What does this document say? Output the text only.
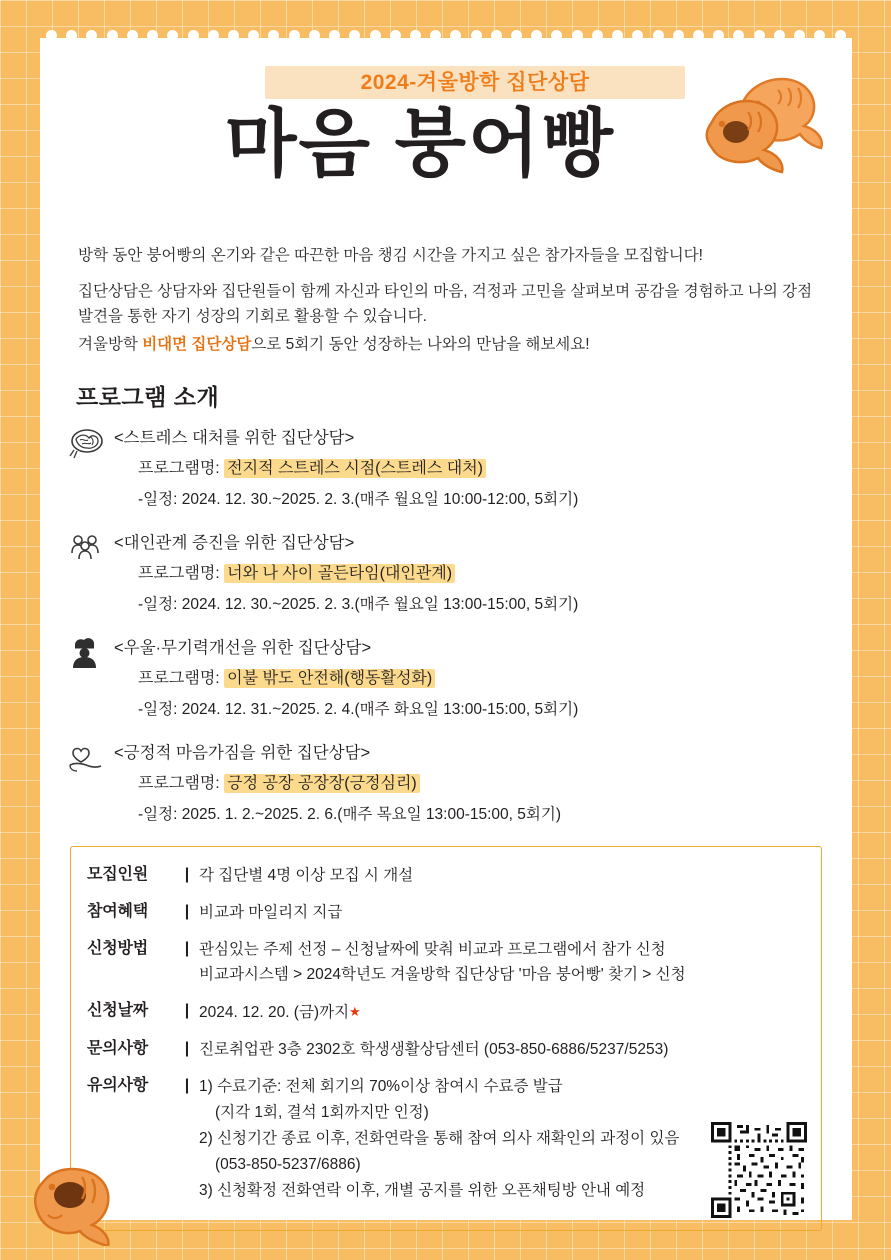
2024-겨울방학 집단상담
마음 붕어빵

방학 동안 붕어빵의 온기와 같은 따끈한 마음 챙김 시간을 가지고 싶은 참가자들을 모집합니다!

집단상담은 상담자와 집단원들이 함께 자신과 타인의 마음, 걱정과 고민을 살펴보며 공감을 경험하고 나의 강점 발견을 통한 자기 성장의 기회로 활용할 수 있습니다.

겨울방학 비대면 집단상담으로 5회기 동안 성장하는 나와의 만남을 해보세요!

프로그램 소개
<스트레스 대처를 위한 집단상담>
프로그램명: 전지적 스트레스 시점(스트레스 대처)
-일정: 2024. 12. 30.~2025. 2. 3.(매주 월요일 10:00-12:00, 5회기)
<대인관계 증진을 위한 집단상담>
프로그램명: 너와 나 사이 골든타임(대인관계)
-일정: 2024. 12. 30.~2025. 2. 3.(매주 월요일 13:00-15:00, 5회기)
<우울·무기력개선을 위한 집단상담>
프로그램명: 이불 밖도 안전해(행동활성화)
-일정: 2024. 12. 31.~2025. 2. 4.(매주 화요일 13:00-15:00, 5회기)
<긍정적 마음가짐을 위한 집단상담>
프로그램명: 긍정 공장 공장장(긍정심리)
-일정: 2025. 1. 2.~2025. 2. 6.(매주 목요일 13:00-15:00, 5회기)
모집인원 |	각 집단별 4명 이상 모집 시 개설
참여혜택 |	비교과 마일리지 지급
신청방법 |	관심있는 주제 선정 – 신청날짜에 맞춰 비교과 프로그램에서 참가 신청
비교과시스템 > 2024학년도 겨울방학 집단상담 '마음 붕어빵' 찾기 > 신청
신청날짜 |	2024. 12. 20. (금)까지★
문의사항 |	진로취업관 3층 2302호 학생생활상담센터 (053-850-6886/5237/5253)
유의사항 |	1) 수료기준: 전체 회기의 70%이상 참여시 수료증 발급
(지각 1회, 결석 1회까지만 인정)
2) 신청기간 종료 이후, 전화연락을 통해 참여 의사 재확인의 과정이 있음
(053-850-5237/6886)
3) 신청확정 전화연락 이후, 개별 공지를 위한 오픈채팅방 안내 예정
